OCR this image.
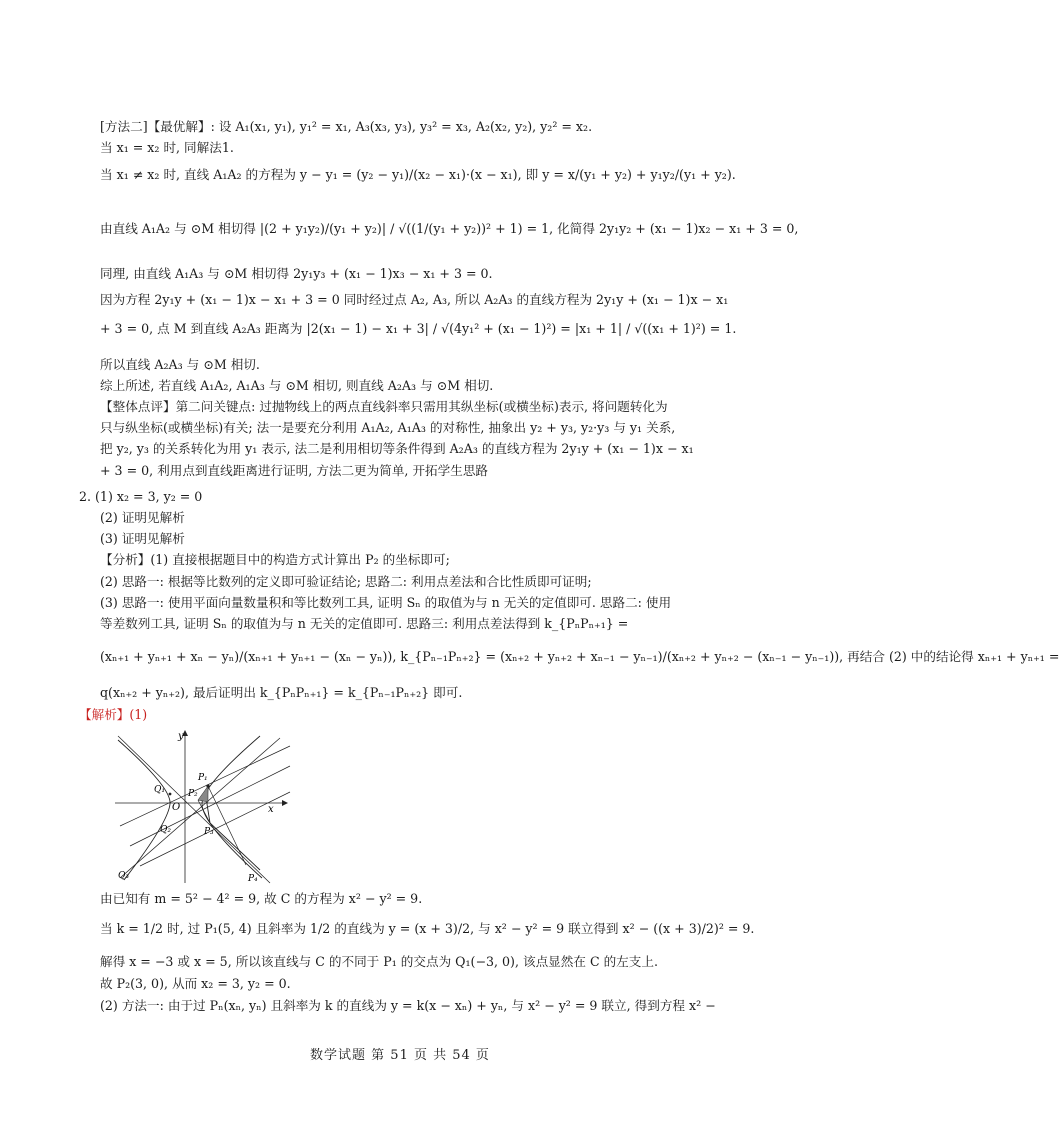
[方法二]【最优解】: 设 A₁(x₁, y₁), y₁² = x₁, A₃(x₃, y₃), y₃² = x₃, A₂(x₂, y₂), y₂² = x₂.
当 x₁ = x₂ 时, 同解法1.
当 x₁ ≠ x₂ 时, 直线 A₁A₂ 的方程为 y − y₁ = (y₂ − y₁)/(x₂ − x₁)·(x − x₁), 即 y = x/(y₁ + y₂) + y₁y₂/(y₁ + y₂).
由直线 A₁A₂ 与 ⊙M 相切得 |(2 + y₁y₂)/(y₁ + y₂)| / √((1/(y₁ + y₂))² + 1) = 1, 化简得 2y₁y₂ + (x₁ − 1)x₂ − x₁ + 3 = 0,
同理, 由直线 A₁A₃ 与 ⊙M 相切得 2y₁y₃ + (x₁ − 1)x₃ − x₁ + 3 = 0.
因为方程 2y₁y + (x₁ − 1)x − x₁ + 3 = 0 同时经过点 A₂, A₃, 所以 A₂A₃ 的直线方程为 2y₁y + (x₁ − 1)x − x₁
+ 3 = 0, 点 M 到直线 A₂A₃ 距离为 |2(x₁ − 1) − x₁ + 3| / √(4y₁² + (x₁ − 1)²) = |x₁ + 1| / √((x₁ + 1)²) = 1.
所以直线 A₂A₃ 与 ⊙M 相切.
综上所述, 若直线 A₁A₂, A₁A₃ 与 ⊙M 相切, 则直线 A₂A₃ 与 ⊙M 相切.
【整体点评】第二问关键点: 过抛物线上的两点直线斜率只需用其纵坐标(或横坐标)表示, 将问题转化为
只与纵坐标(或横坐标)有关; 法一是要充分利用 A₁A₂, A₁A₃ 的对称性, 抽象出 y₂ + y₃, y₂·y₃ 与 y₁ 关系,
把 y₂, y₃ 的关系转化为用 y₁ 表示, 法二是利用相切等条件得到 A₂A₃ 的直线方程为 2y₁y + (x₁ − 1)x − x₁
+ 3 = 0, 利用点到直线距离进行证明, 方法二更为简单, 开拓学生思路
2. (1) x₂ = 3, y₂ = 0
(2) 证明见解析
(3) 证明见解析
【分析】(1) 直接根据题目中的构造方式计算出 P₂ 的坐标即可;
(2) 思路一: 根据等比数列的定义即可验证结论; 思路二: 利用点差法和合比性质即可证明;
(3) 思路一: 使用平面向量数量积和等比数列工具, 证明 Sₙ 的取值为与 n 无关的定值即可. 思路二: 使用
等差数列工具, 证明 Sₙ 的取值为与 n 无关的定值即可. 思路三: 利用点差法得到 k_{PₙPₙ₊₁} =
(xₙ₊₁ + yₙ₊₁ + xₙ − yₙ)/(xₙ₊₁ + yₙ₊₁ − (xₙ − yₙ)), k_{Pₙ₋₁Pₙ₊₂} = (xₙ₊₂ + yₙ₊₂ + xₙ₋₁ − yₙ₋₁)/(xₙ₊₂ + yₙ₊₂ − (xₙ₋₁ − yₙ₋₁)), 再结合 (2) 中的结论得 xₙ₊₁ + yₙ₊₁ =
q(xₙ₊₂ + yₙ₊₂), 最后证明出 k_{PₙPₙ₊₁} = k_{Pₙ₋₁Pₙ₊₂} 即可.
【解析】(1)
由已知有 m = 5² − 4² = 9, 故 C 的方程为 x² − y² = 9.
当 k = 1/2 时, 过 P₁(5, 4) 且斜率为 1/2 的直线为 y = (x + 3)/2, 与 x² − y² = 9 联立得到 x² − ((x + 3)/2)² = 9.
解得 x = −3 或 x = 5, 所以该直线与 C 的不同于 P₁ 的交点为 Q₁(−3, 0), 该点显然在 C 的左支上.
故 P₂(3, 0), 从而 x₂ = 3, y₂ = 0.
(2) 方法一: 由于过 Pₙ(xₙ, yₙ) 且斜率为 k 的直线为 y = k(x − xₙ) + yₙ, 与 x² − y² = 9 联立, 得到方程 x² −
y
x
O
P₁
P₂
P₃
P₄
Q₁
Q₂
Q₃
数学试题 第 51 页 共 54 页
